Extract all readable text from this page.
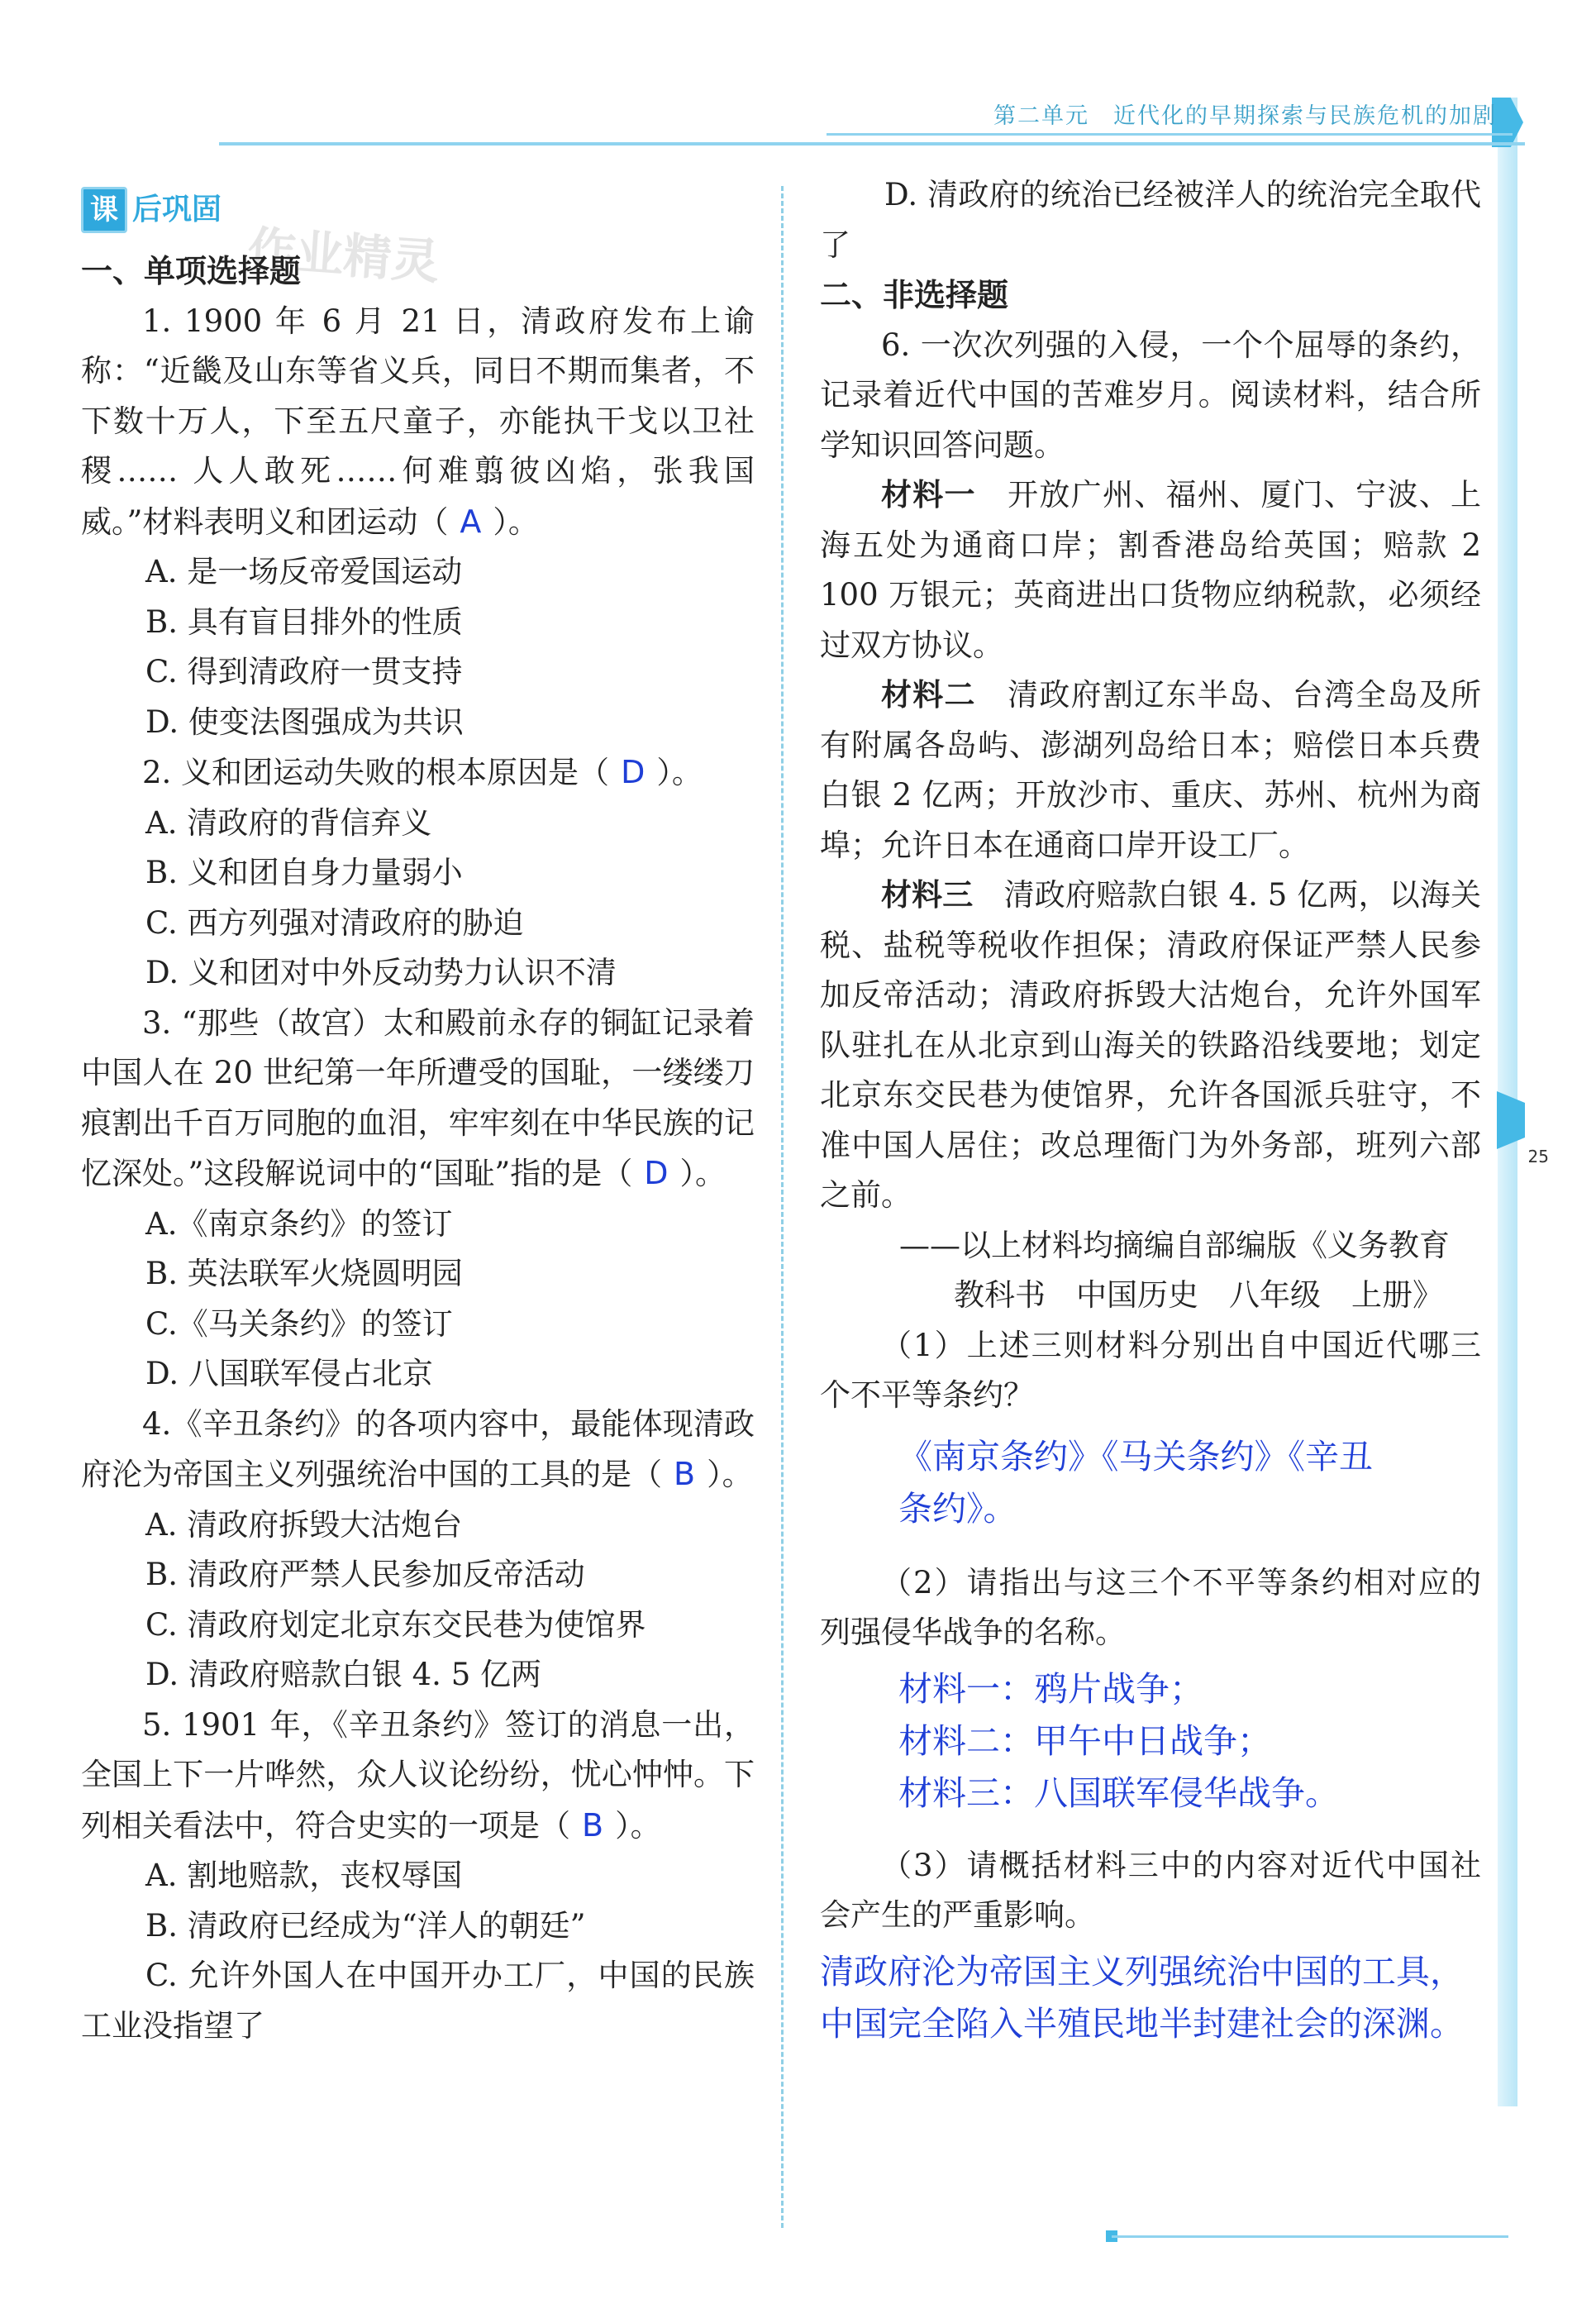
第二单元　近代化的早期探索与民族危机的加剧
25
作业精灵
课 后巩固

一、单项选择题

1. 1900 年 6 月 21 日，清政府发布上谕称：“近畿及山东等省义兵，同日不期而集者，不下数十万人，下至五尺童子，亦能执干戈以卫社稷…… 人人敢死……何难翦彼凶焰，张我国威。”材料表明义和团运动（ A ）。

A. 是一场反帝爱国运动

B. 具有盲目排外的性质

C. 得到清政府一贯支持

D. 使变法图强成为共识

2. 义和团运动失败的根本原因是（ D ）。

A. 清政府的背信弃义

B. 义和团自身力量弱小

C. 西方列强对清政府的胁迫

D. 义和团对中外反动势力认识不清

3. “那些（故宫）太和殿前永存的铜缸记录着中国人在 20 世纪第一年所遭受的国耻，一缕缕刀痕割出千百万同胞的血泪，牢牢刻在中华民族的记忆深处。”这段解说词中的“国耻”指的是（ D ）。

A.《南京条约》的签订

B. 英法联军火烧圆明园

C.《马关条约》的签订

D. 八国联军侵占北京

4.《辛丑条约》的各项内容中，最能体现清政府沦为帝国主义列强统治中国的工具的是（ B ）。

A. 清政府拆毁大沽炮台

B. 清政府严禁人民参加反帝活动

C. 清政府划定北京东交民巷为使馆界

D. 清政府赔款白银 4. 5 亿两

5. 1901 年，《辛丑条约》签订的消息一出，全国上下一片哗然，众人议论纷纷，忧心忡忡。下列相关看法中，符合史实的一项是（ B ）。

A. 割地赔款，丧权辱国

B. 清政府已经成为“洋人的朝廷”

C. 允许外国人在中国开办工厂，中国的民族工业没指望了

D. 清政府的统治已经被洋人的统治完全取代了

二、非选择题

6. 一次次列强的入侵，一个个屈辱的条约，记录着近代中国的苦难岁月。阅读材料，结合所学知识回答问题。

材料一　 开放广州、福州、厦门、宁波、上海五处为通商口岸；割香港岛给英国；赔款 2 100 万银元；英商进出口货物应纳税款，必须经过双方协议。

材料二　 清政府割辽东半岛、台湾全岛及所有附属各岛屿、澎湖列岛给日本；赔偿日本兵费白银 2 亿两；开放沙市、重庆、苏州、杭州为商埠；允许日本在通商口岸开设工厂。

材料三　 清政府赔款白银 4. 5 亿两，以海关税、盐税等税收作担保；清政府保证严禁人民参加反帝活动；清政府拆毁大沽炮台，允许外国军队驻扎在从北京到山海关的铁路沿线要地；划定北京东交民巷为使馆界，允许各国派兵驻守，不准中国人居住；改总理衙门为外务部，班列六部之前。

——以上材料均摘编自部编版《义务教育

教科书　中国历史　八年级　上册》

（1）上述三则材料分别出自中国近代哪三个不平等条约？

《南京条约》《马关条约》《辛丑

条约》。

（2）请指出与这三个不平等条约相对应的列强侵华战争的名称。

材料一：鸦片战争；

材料二：甲午中日战争；

材料三：八国联军侵华战争。

（3）请概括材料三中的内容对近代中国社会产生的严重影响。

清政府沦为帝国主义列强统治中国的工具，

中国完全陷入半殖民地半封建社会的深渊。
